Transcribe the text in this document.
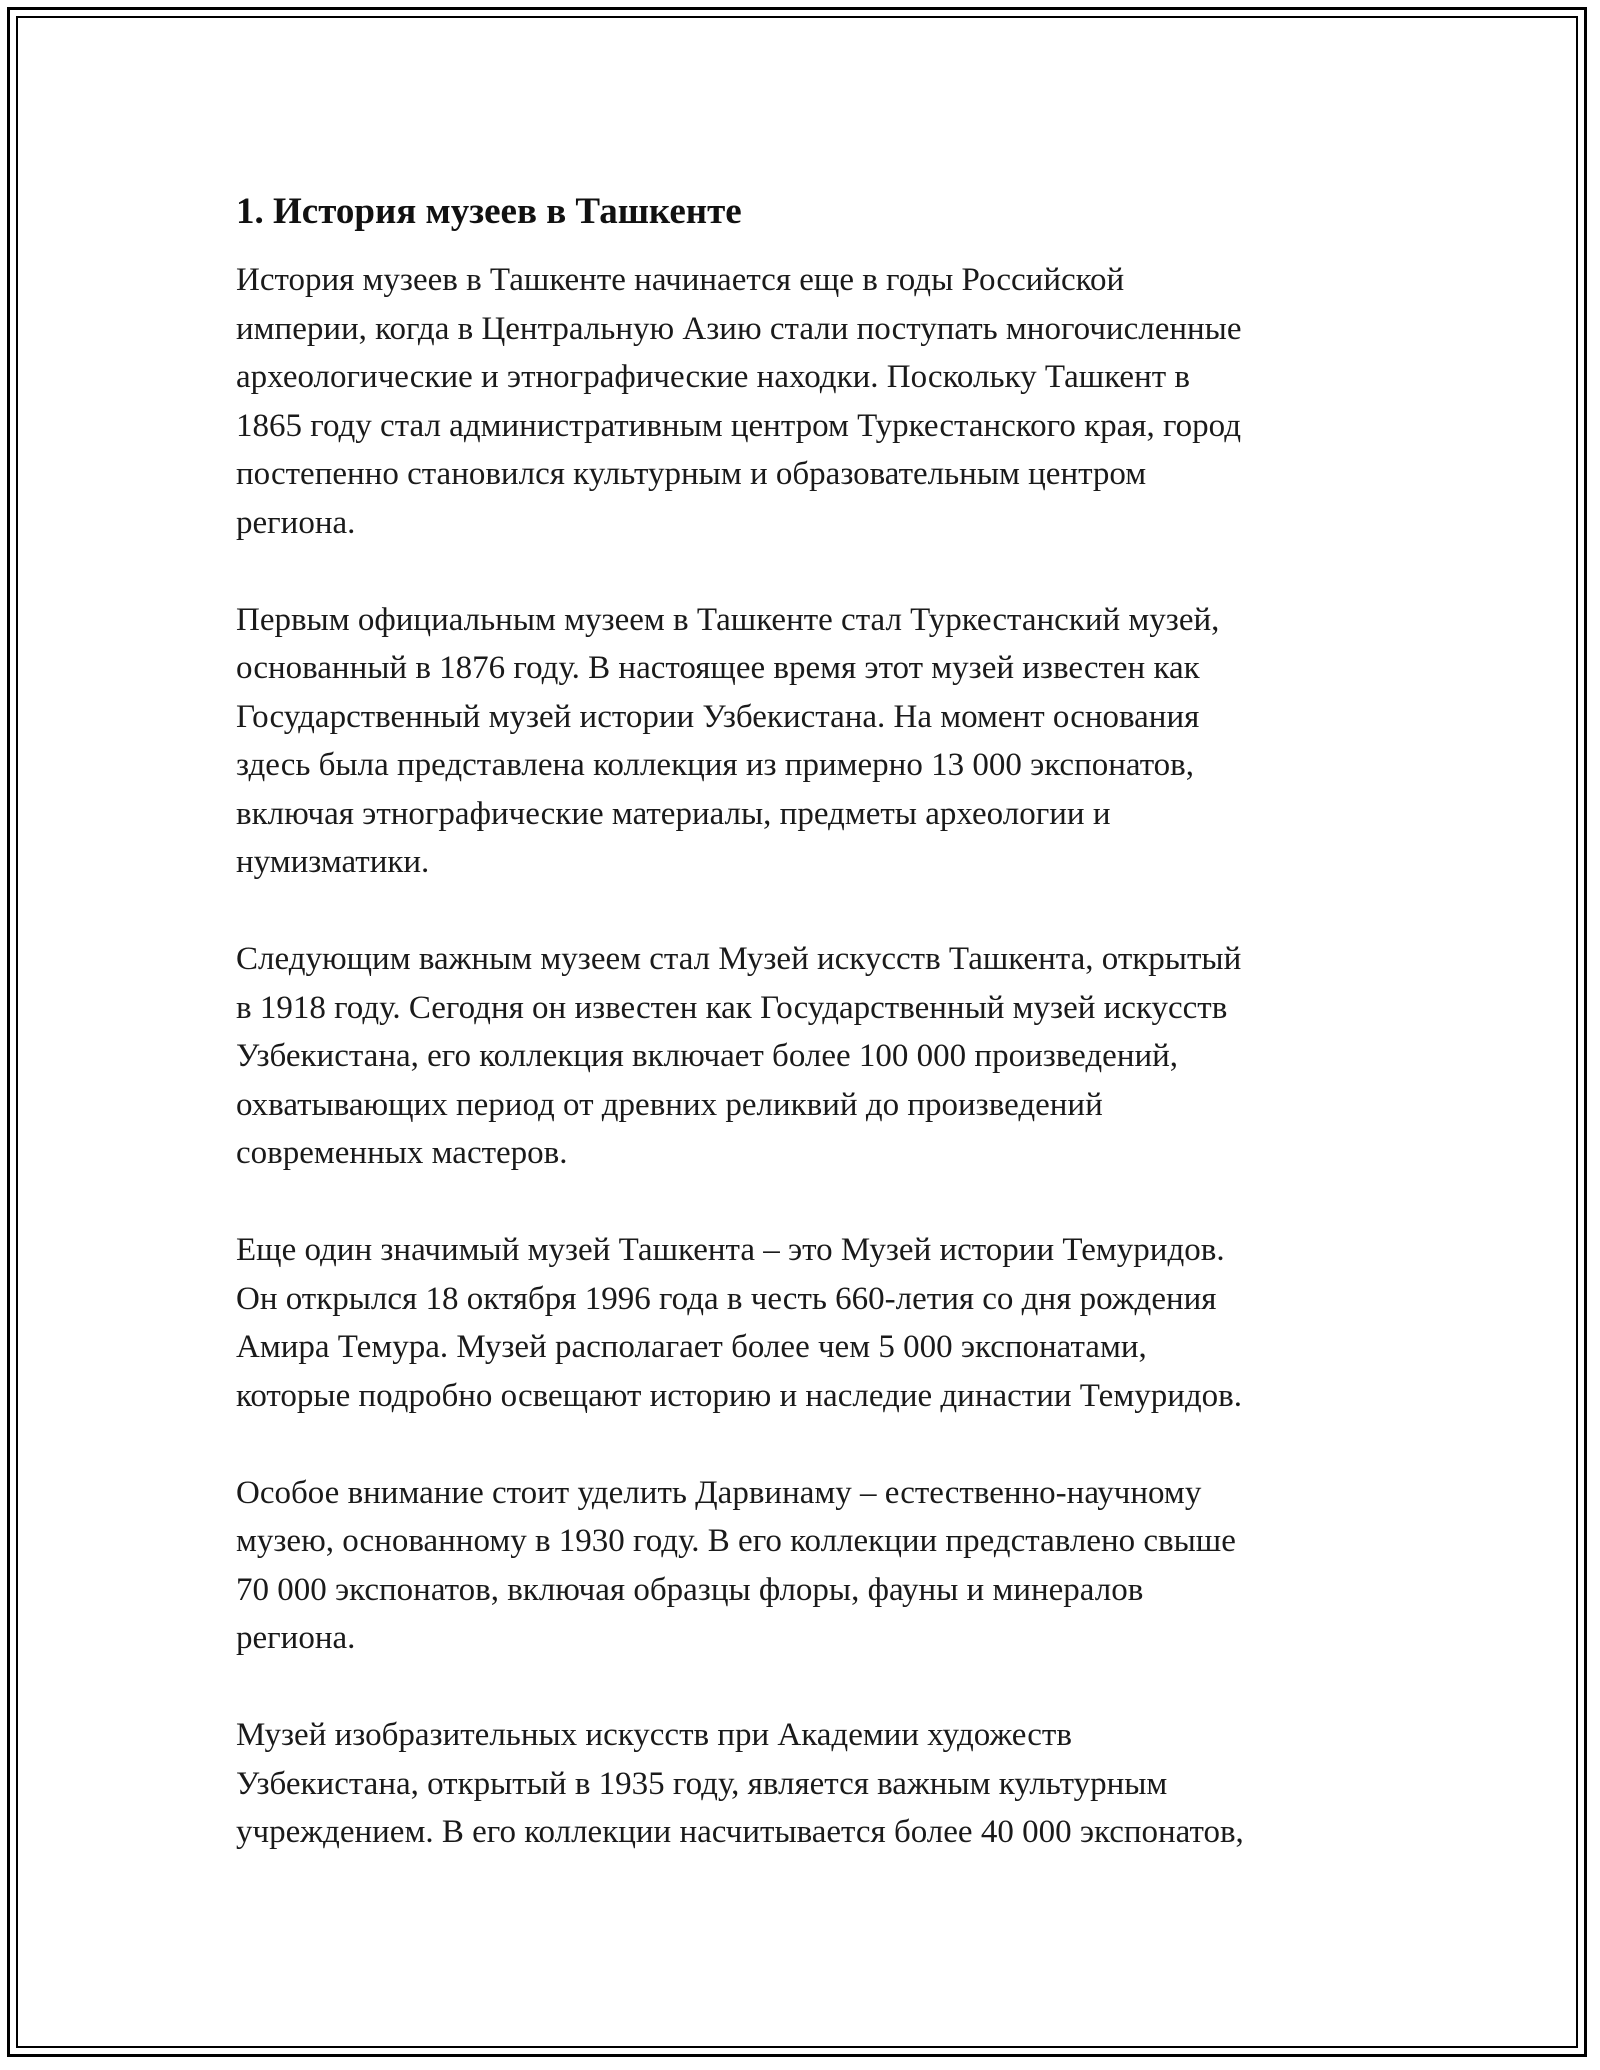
1. История музеев в Ташкенте

История музеев в Ташкенте начинается еще в годы Российской
империи, когда в Центральную Азию стали поступать многочисленные
археологические и этнографические находки. Поскольку Ташкент в
1865 году стал административным центром Туркестанского края, город
постепенно становился культурным и образовательным центром
региона.

Первым официальным музеем в Ташкенте стал Туркестанский музей,
основанный в 1876 году. В настоящее время этот музей известен как
Государственный музей истории Узбекистана. На момент основания
здесь была представлена коллекция из примерно 13 000 экспонатов,
включая этнографические материалы, предметы археологии и
нумизматики.

Следующим важным музеем стал Музей искусств Ташкента, открытый
в 1918 году. Сегодня он известен как Государственный музей искусств
Узбекистана, его коллекция включает более 100 000 произведений,
охватывающих период от древних реликвий до произведений
современных мастеров.

Еще один значимый музей Ташкента – это Музей истории Темуридов.
Он открылся 18 октября 1996 года в честь 660-летия со дня рождения
Амира Темура. Музей располагает более чем 5 000 экспонатами,
которые подробно освещают историю и наследие династии Темуридов.

Особое внимание стоит уделить Дарвинаму – естественно-научному
музею, основанному в 1930 году. В его коллекции представлено свыше
70 000 экспонатов, включая образцы флоры, фауны и минералов
региона.

Музей изобразительных искусств при Академии художеств
Узбекистана, открытый в 1935 году, является важным культурным
учреждением. В его коллекции насчитывается более 40 000 экспонатов,
